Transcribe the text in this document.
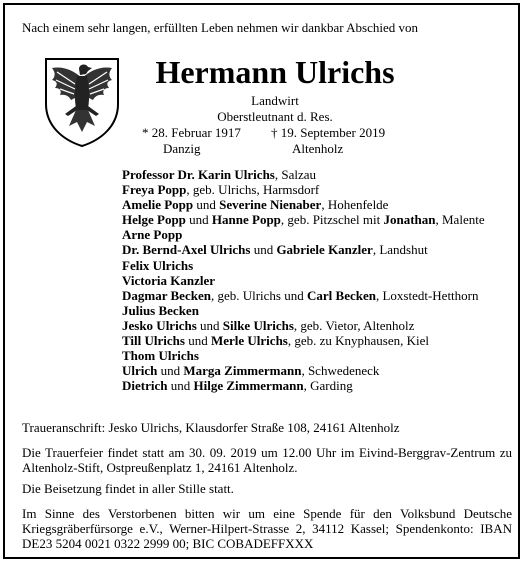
Nach einem sehr langen, erfüllten Leben nehmen wir dankbar Abschied von
Hermann Ulrichs
Landwirt
Oberstleutnant d. Res.
* 28. Februar 1917 † 19. September 2019
Danzig	Altenholz
Professor Dr. Karin Ulrichs, Salzau
Freya Popp, geb. Ulrichs, Harmsdorf
Amelie Popp und Severine Nienaber, Hohenfelde
Helge Popp und Hanne Popp, geb. Pitzschel mit Jonathan, Malente
Arne Popp
Dr. Bernd-Axel Ulrichs und Gabriele Kanzler, Landshut
Felix Ulrichs
Victoria Kanzler
Dagmar Becken, geb. Ulrichs und Carl Becken, Loxstedt-Hetthorn
Julius Becken
Jesko Ulrichs und Silke Ulrichs, geb. Vietor, Altenholz
Till Ulrichs und Merle Ulrichs, geb. zu Knyphausen, Kiel
Thom Ulrichs
Ulrich und Marga Zimmermann, Schwedeneck
Dietrich und Hilge Zimmermann, Garding
Traueranschrift: Jesko Ulrichs, Klausdorfer Straße 108, 24161 Altenholz
Die Trauerfeier findet statt am 30. 09. 2019 um 12.00 Uhr im Eivind-Berggrav-Zentrum zu Altenholz-Stift, Ostpreußenplatz 1, 24161 Altenholz.
Die Beisetzung findet in aller Stille statt.
Im Sinne des Verstorbenen bitten wir um eine Spende für den Volksbund Deutsche Kriegsgräberfürsorge e.V., Werner-Hilpert-Strasse 2, 34112 Kassel; Spendenkonto: IBAN DE23 5204 0021 0322 2999 00; BIC COBADEFFXXX
